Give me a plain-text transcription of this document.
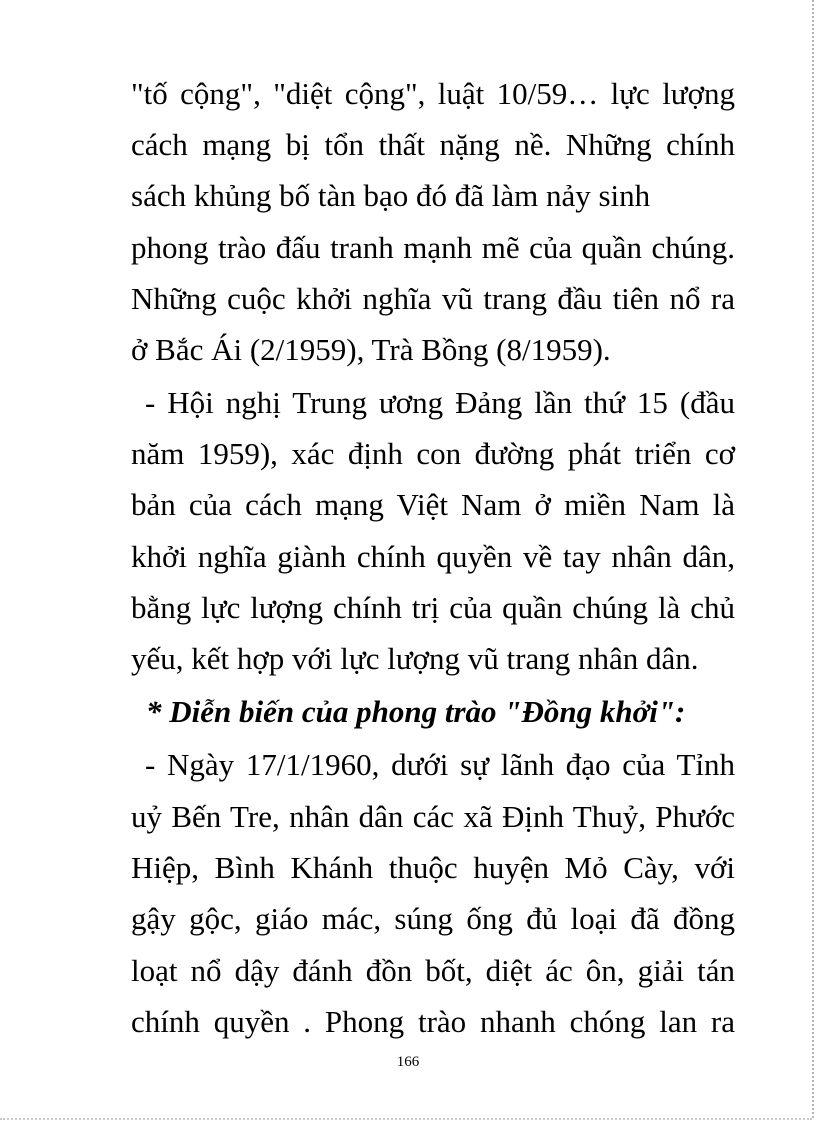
"tố cộng", "diệt cộng", luật 10/59… lực lượng
cách mạng bị tổn thất nặng nề. Những chính
sách khủng bố tàn bạo đó đã làm nảy sinh
phong trào đấu tranh mạnh mẽ của quần chúng.
Những cuộc khởi nghĩa vũ trang đầu tiên nổ ra
ở Bắc Ái (2/1959), Trà Bồng (8/1959).
- Hội nghị Trung ương Đảng lần thứ 15 (đầu
năm 1959), xác định con đường phát triển cơ
bản của cách mạng Việt Nam ở miền Nam là
khởi nghĩa giành chính quyền về tay nhân dân,
bằng lực lượng chính trị của quần chúng là chủ
yếu, kết hợp với lực lượng vũ trang nhân dân.
* Diễn biến của phong trào "Đồng khởi":
- Ngày 17/1/1960, dưới sự lãnh đạo của Tỉnh
uỷ Bến Tre, nhân dân các xã Định Thuỷ, Phước
Hiệp, Bình Khánh thuộc huyện Mỏ Cày, với
gậy gộc, giáo mác, súng ống đủ loại đã đồng
loạt nổ dậy đánh đồn bốt, diệt ác ôn, giải tán
chính quyền . Phong trào nhanh chóng lan ra
166
